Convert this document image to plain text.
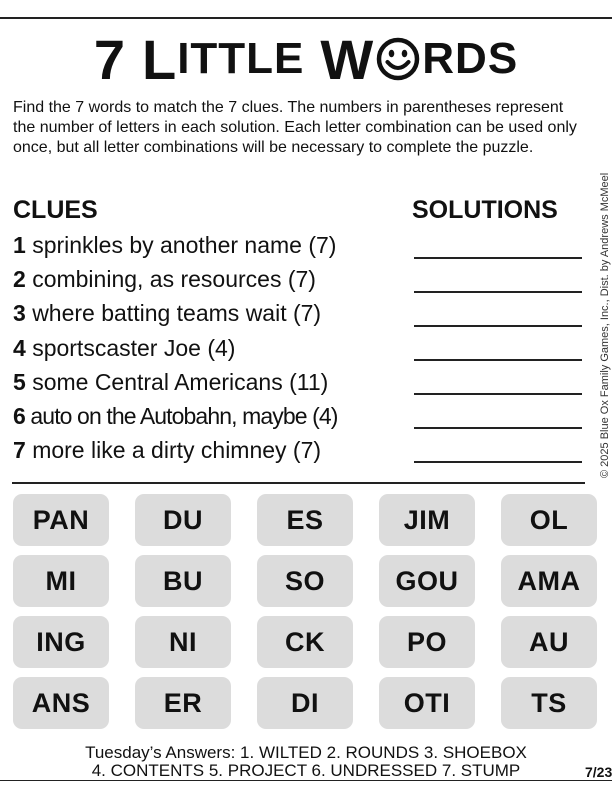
7 L ITTLE W RDS
Find the 7 words to match the 7 clues. The numbers in parentheses represent the number of letters in each solution. Each letter combination can be used only once, but all letter combinations will be necessary to complete the puzzle.
CLUES	SOLUTIONS
1 sprinkles by another name (7)
2 combining, as resources (7)
3 where batting teams wait (7)
4 sportscaster Joe (4)
5 some Central Americans (11)
6 auto on the Autobahn, maybe (4)
7 more like a dirty chimney (7)	© 2025 Blue Ox Family Games, Inc., Dist. by Andrews McMeel
PAN	DU	ES	JIM	OL
MI	BU	SO	GOU	AMA
ING	NI	CK	PO	AU
ANS	ER	DI	OTI	TS
Tuesday’s Answers: 1. WILTED 2. ROUNDS 3. SHOEBOX
4. CONTENTS 5. PROJECT 6. UNDRESSED 7. STUMP	7/23
